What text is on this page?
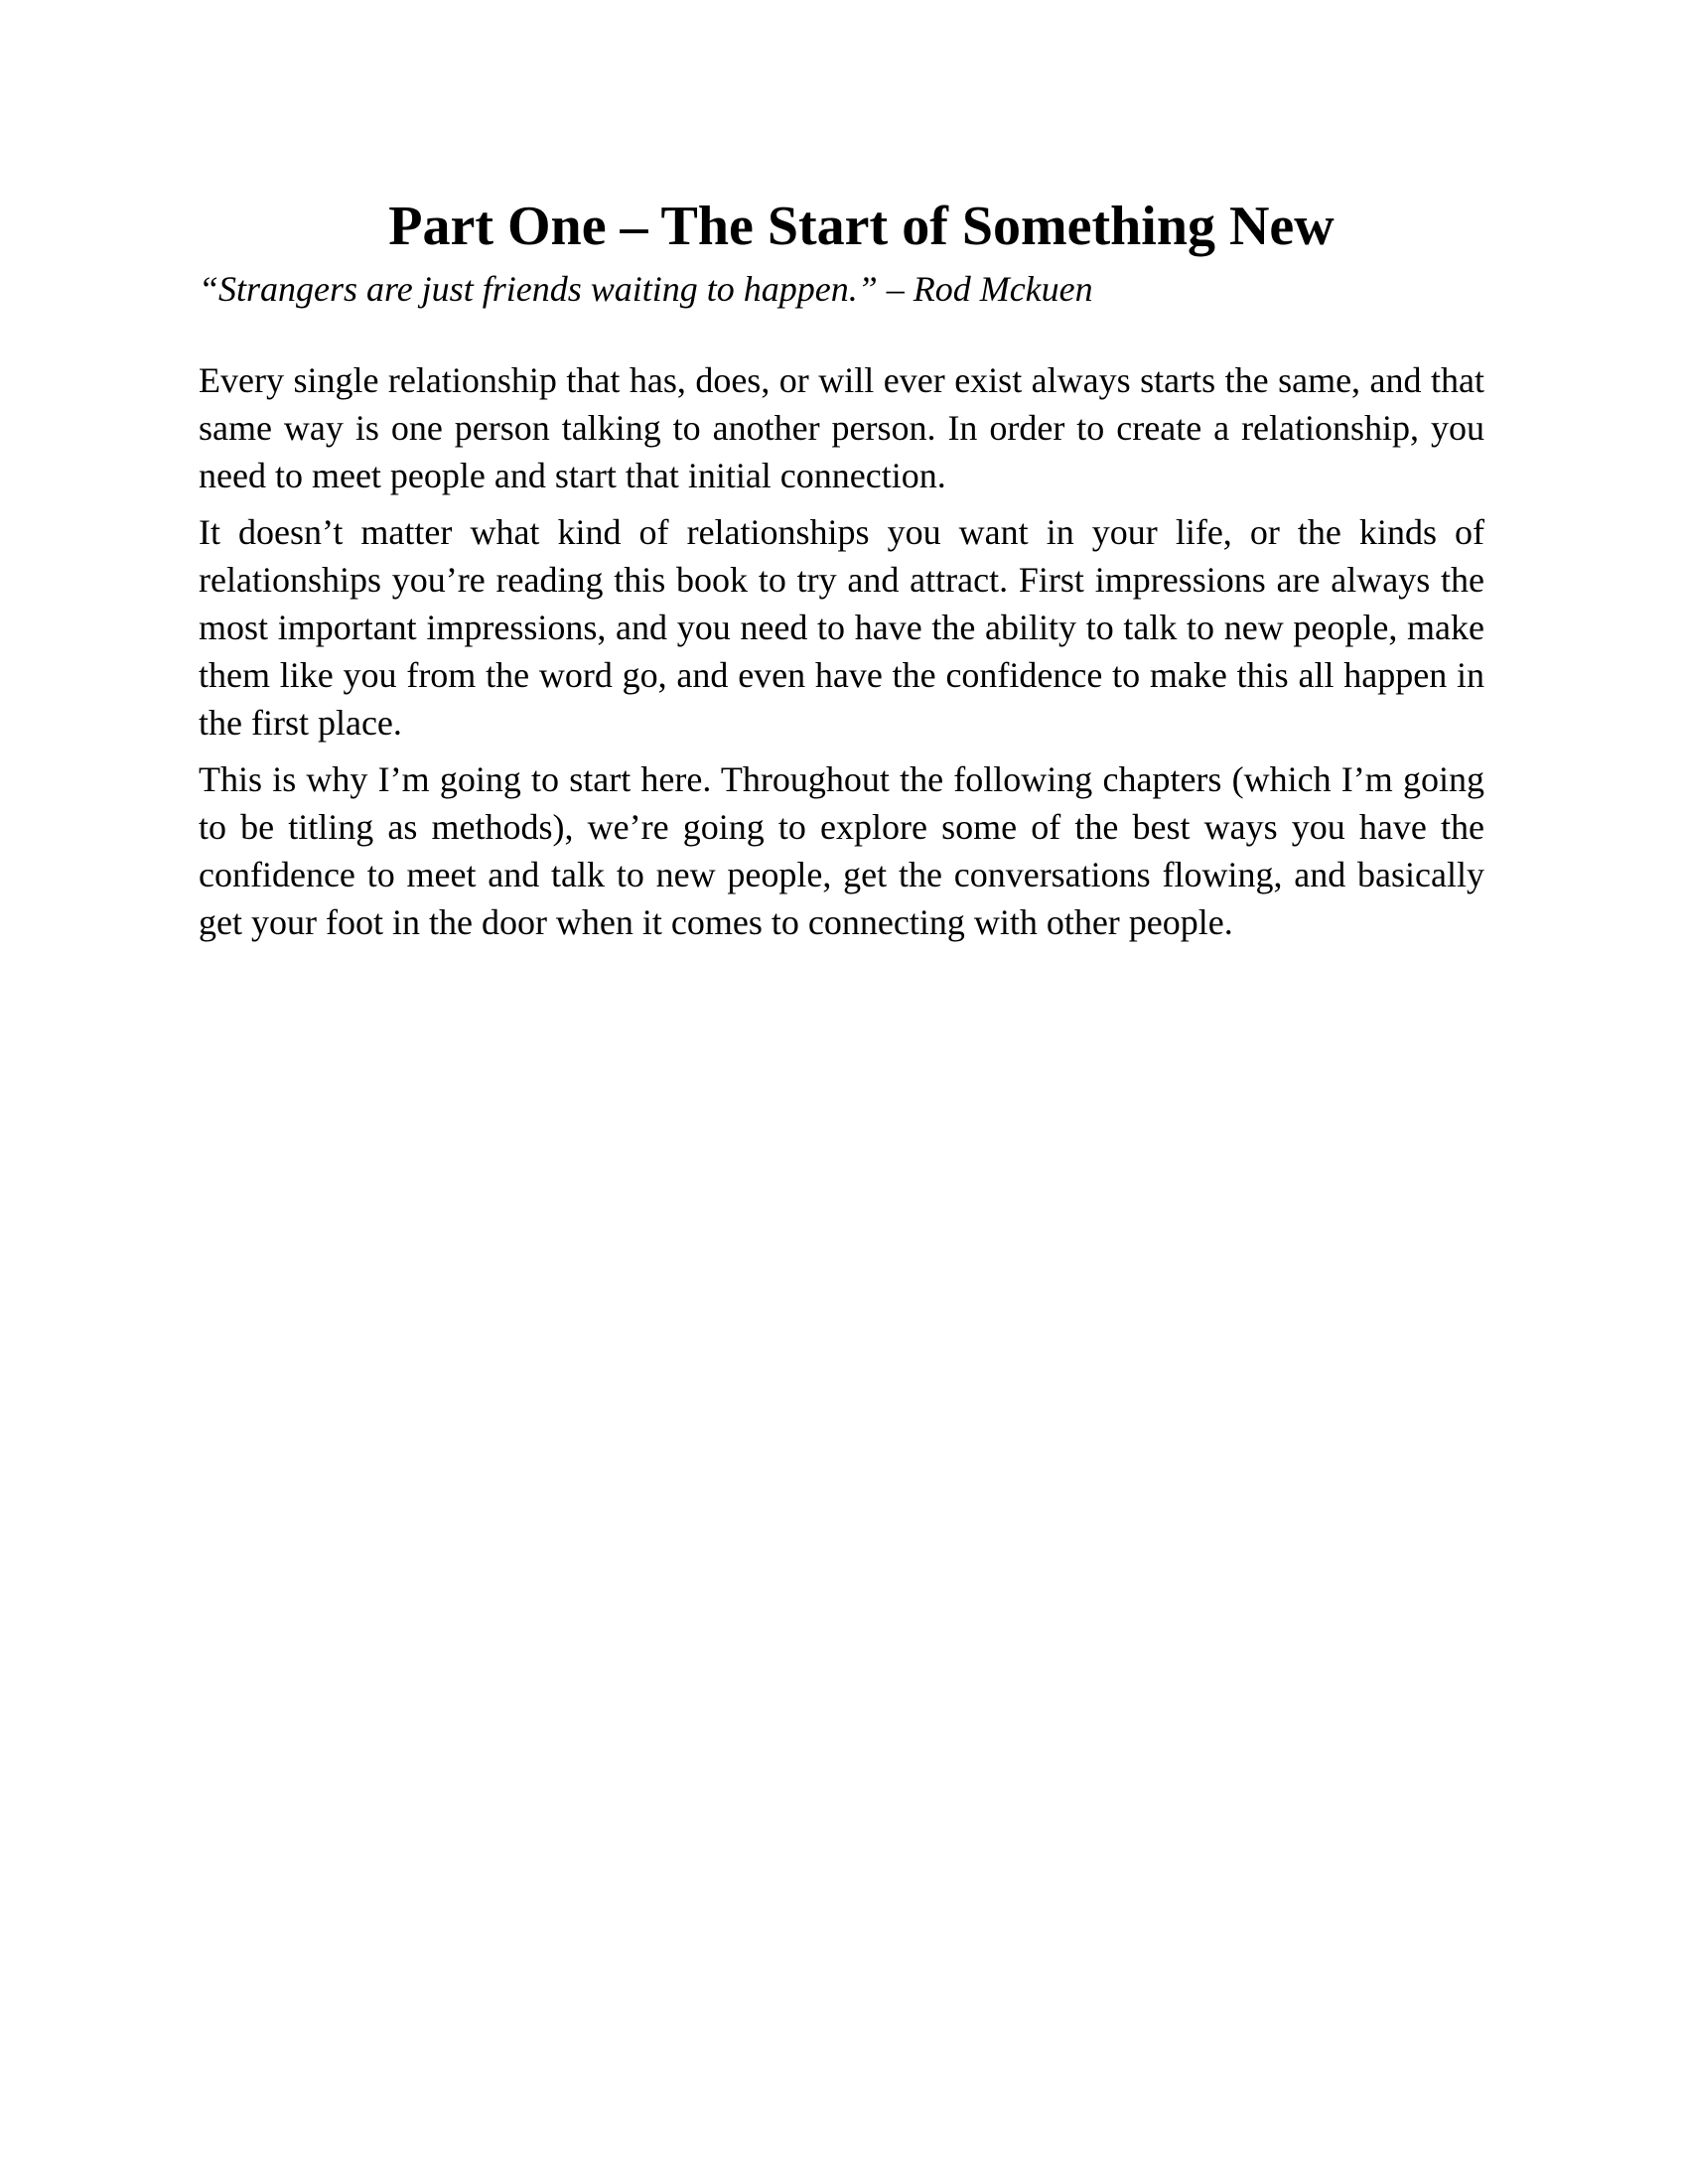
Part One – The Start of Something New

“Strangers are just friends waiting to happen.” – Rod Mckuen

Every single relationship that has, does, or will ever exist always starts the same, and that same way is one person talking to another person. In order to create a relationship, you need to meet people and start that initial connection.

It doesn’t matter what kind of relationships you want in your life, or the kinds of relationships you’re reading this book to try and attract. First impressions are always the most important impressions, and you need to have the ability to talk to new people, make them like you from the word go, and even have the confidence to make this all happen in the first place.

This is why I’m going to start here. Throughout the following chapters (which I’m going to be titling as methods), we’re going to explore some of the best ways you have the confidence to meet and talk to new people, get the conversations flowing, and basically get your foot in the door when it comes to connecting with other people.
